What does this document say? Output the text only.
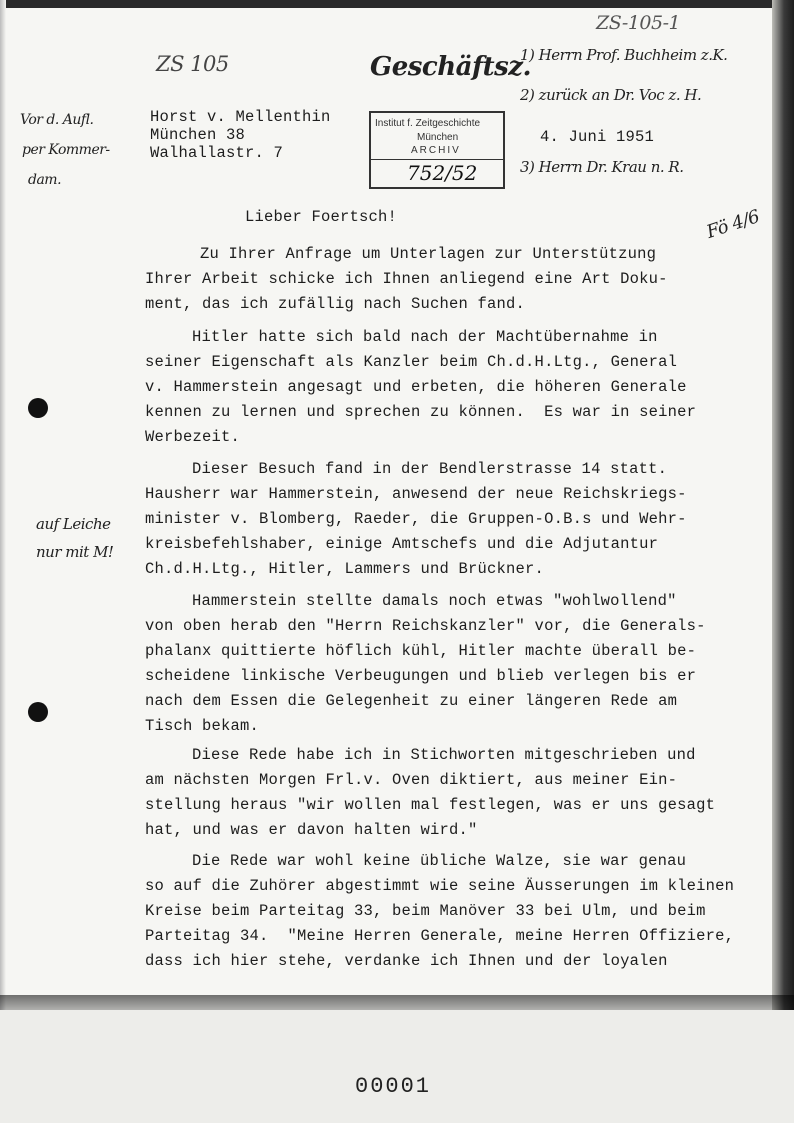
ZS-105-1
ZS 105	Geschäftsz.
1) Herrn Prof. Buchheim z.K.
2) zurück an Dr. Voc z. H.
3) Herrn Dr. Krau n. R.
Fö 4/6
Vor d. Aufl.
per Kommer-
dam.
auf Leiche
nur mit M!
Horst v. Mellenthin
München 38
Walhallastr. 7
Institut f. Zeitgeschichte
München
ARCHIV
752/52
4. Juni 1951
Lieber Foertsch!
Zu Ihrer Anfrage um Unterlagen zur Unterstützung
Ihrer Arbeit schicke ich Ihnen anliegend eine Art Doku-
ment, das ich zufällig nach Suchen fand.
Hitler hatte sich bald nach der Machtübernahme in
seiner Eigenschaft als Kanzler beim Ch.d.H.Ltg., General
v. Hammerstein angesagt und erbeten, die höheren Generale
kennen zu lernen und sprechen zu können.  Es war in seiner
Werbezeit.
Dieser Besuch fand in der Bendlerstrasse 14 statt.
Hausherr war Hammerstein, anwesend der neue Reichskriegs-
minister v. Blomberg, Raeder, die Gruppen-O.B.s und Wehr-
kreisbefehlshaber, einige Amtschefs und die Adjutantur
Ch.d.H.Ltg., Hitler, Lammers und Brückner.
Hammerstein stellte damals noch etwas "wohlwollend"
von oben herab den "Herrn Reichskanzler" vor, die Generals-
phalanx quittierte höflich kühl, Hitler machte überall be-
scheidene linkische Verbeugungen und blieb verlegen bis er
nach dem Essen die Gelegenheit zu einer längeren Rede am
Tisch bekam.
Diese Rede habe ich in Stichworten mitgeschrieben und
am nächsten Morgen Frl.v. Oven diktiert, aus meiner Ein-
stellung heraus "wir wollen mal festlegen, was er uns gesagt
hat, und was er davon halten wird."
Die Rede war wohl keine übliche Walze, sie war genau
so auf die Zuhörer abgestimmt wie seine Äusserungen im kleinen
Kreise beim Parteitag 33, beim Manöver 33 bei Ulm, und beim
Parteitag 34.  "Meine Herren Generale, meine Herren Offiziere,
dass ich hier stehe, verdanke ich Ihnen und der loyalen
00001
